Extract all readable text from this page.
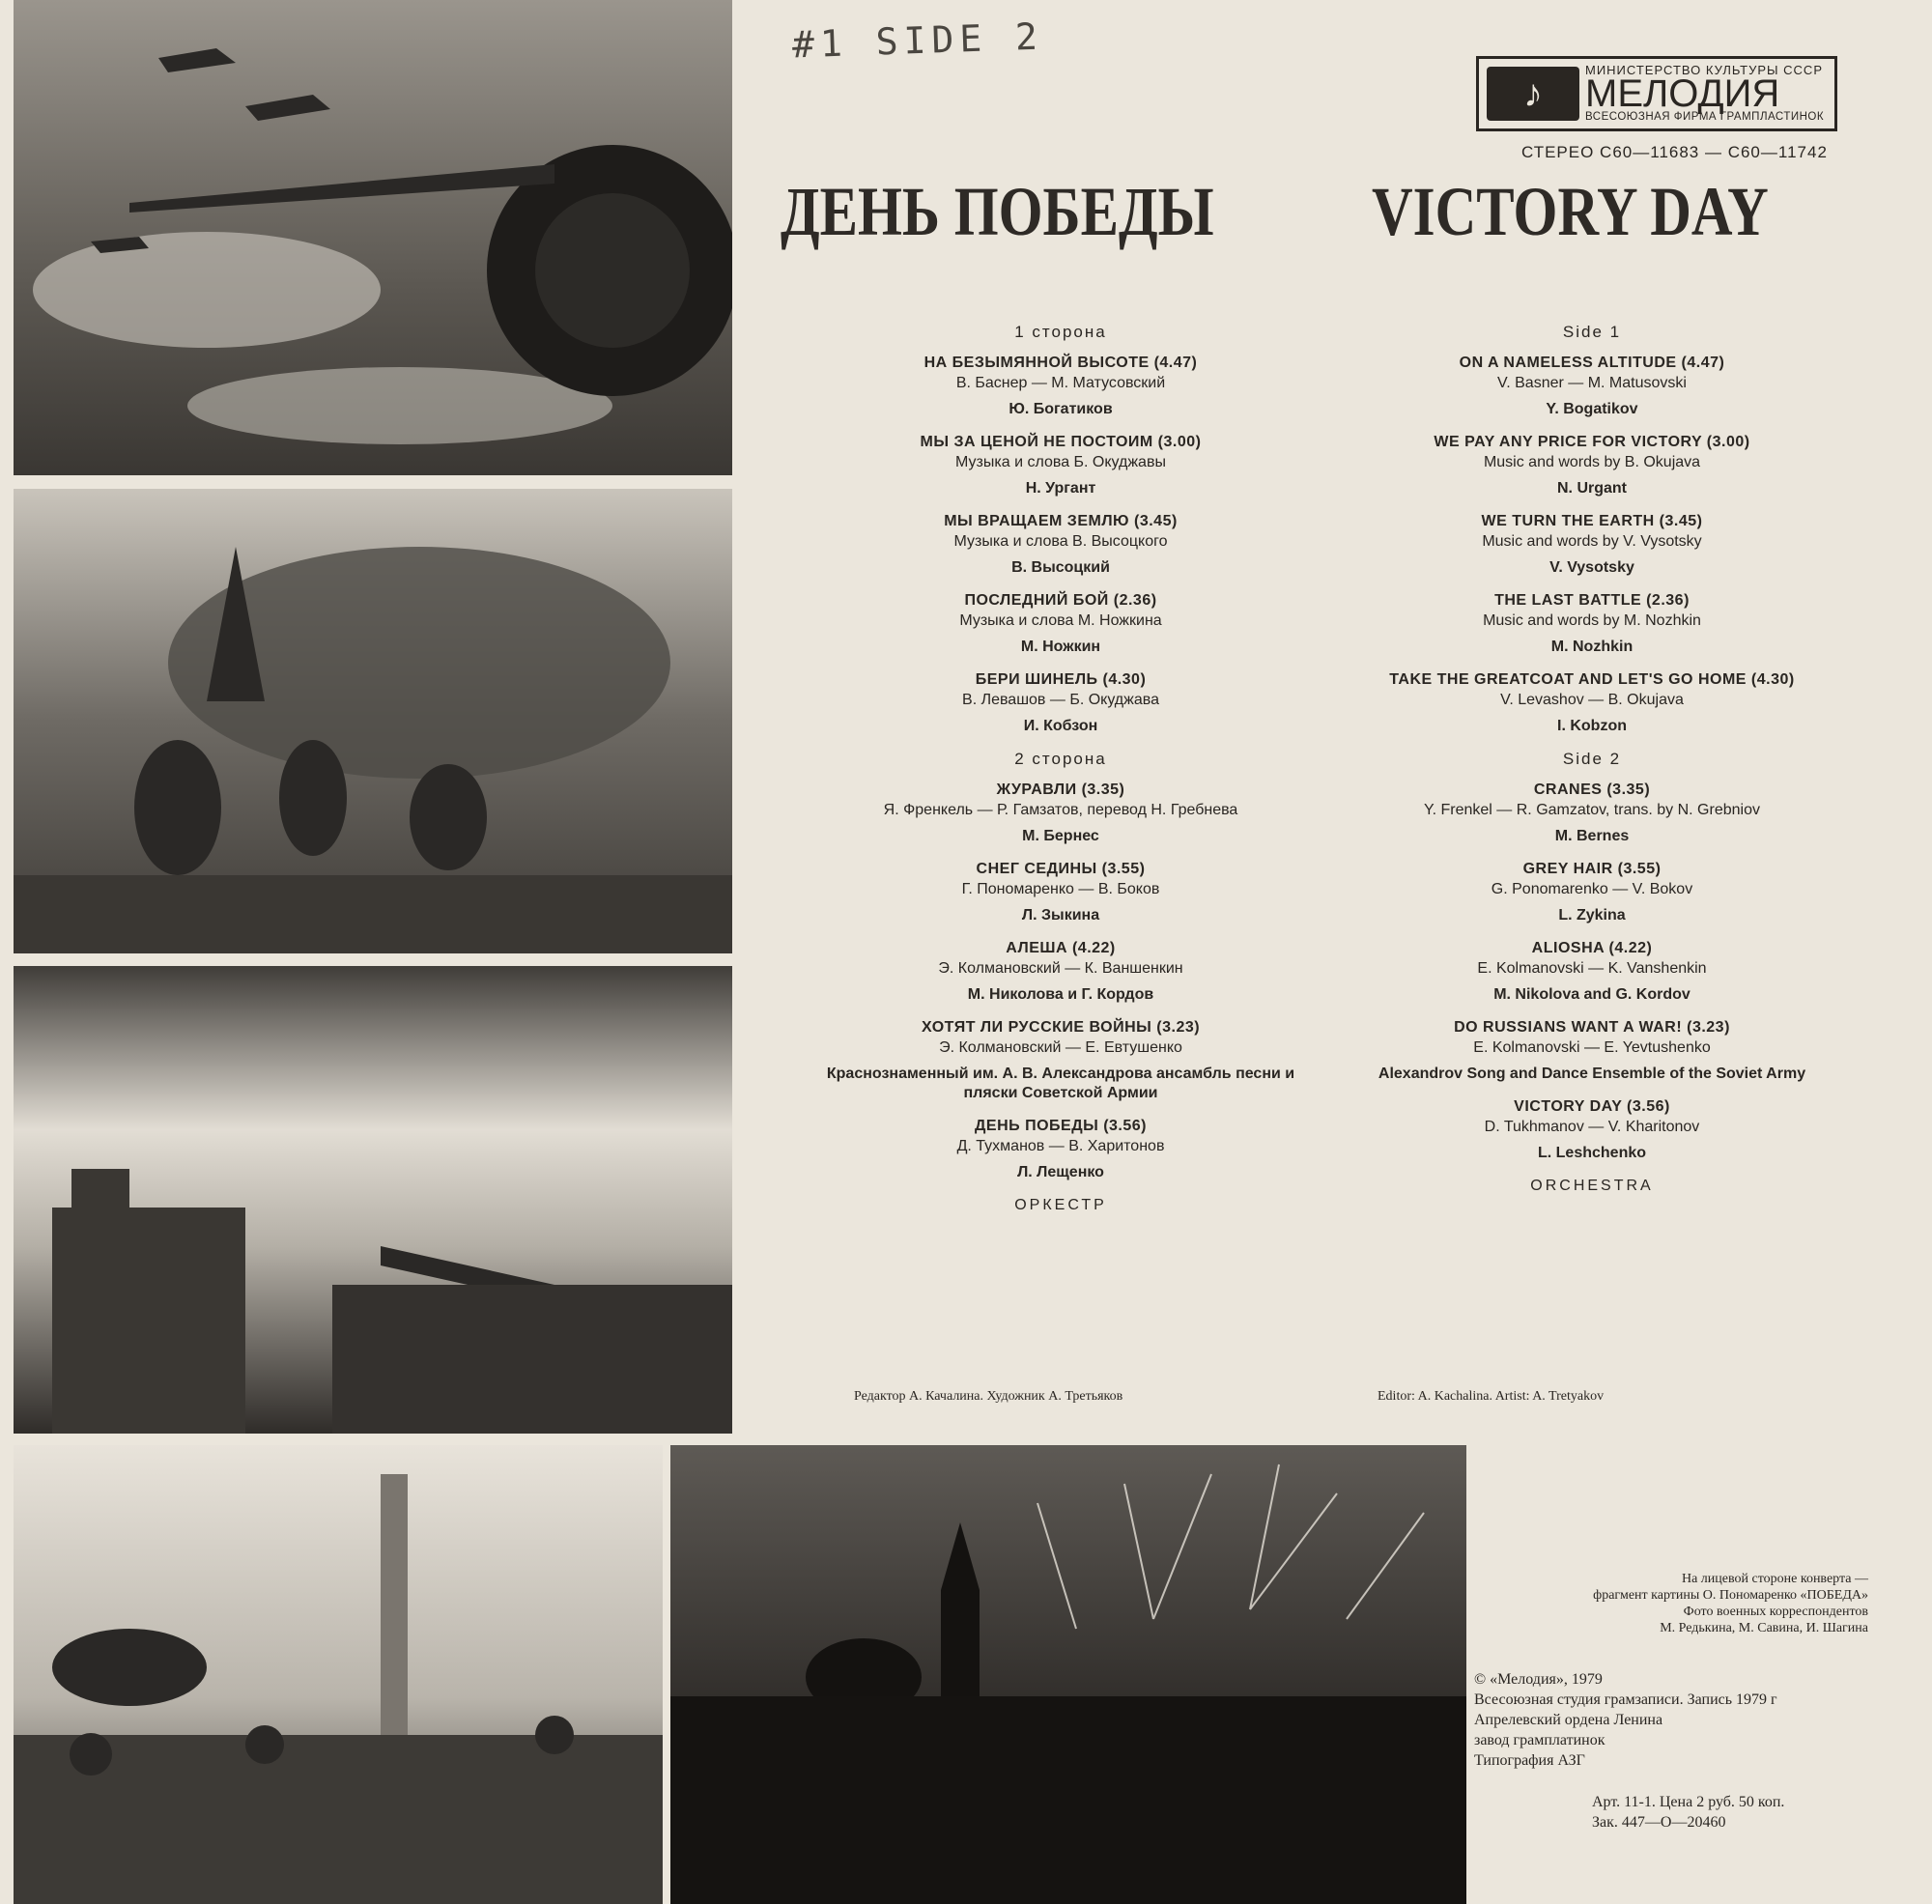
#1 SIDE 2
♪
МИНИСТЕРСТВО КУЛЬТУРЫ СССР
МЕЛОДИЯ
ВСЕСОЮЗНАЯ ФИРМА ГРАМПЛАСТИНОК
СТЕРЕО С60—11683 — С60—11742
ДЕНЬ ПОБЕДЫ VICTORY DAY
1 сторона
НА БЕЗЫМЯННОЙ ВЫСОТЕ (4.47)
В. Баснер — М. Матусовский
Ю. Богатиков
МЫ ЗА ЦЕНОЙ НЕ ПОСТОИМ (3.00)
Музыка и слова Б. Окуджавы
Н. Ургант
МЫ ВРАЩАЕМ ЗЕМЛЮ (3.45)
Музыка и слова В. Высоцкого
В. Высоцкий
ПОСЛЕДНИЙ БОЙ (2.36)
Музыка и слова М. Ножкина
М. Ножкин
БЕРИ ШИНЕЛЬ (4.30)
В. Левашов — Б. Окуджава
И. Кобзон
2 сторона
ЖУРАВЛИ (3.35)
Я. Френкель — Р. Гамзатов, перевод Н. Гребнева
М. Бернес
СНЕГ СЕДИНЫ (3.55)
Г. Пономаренко — В. Боков
Л. Зыкина
АЛЕША (4.22)
Э. Колмановский — К. Ваншенкин
М. Николова и Г. Кордов
ХОТЯТ ЛИ РУССКИЕ ВОЙНЫ (3.23)
Э. Колмановский — Е. Евтушенко
Краснознаменный им. А. В. Александрова ансамбль песни и пляски Советской Армии
ДЕНЬ ПОБЕДЫ (3.56)
Д. Тухманов — В. Харитонов
Л. Лещенко
ОРКЕСТР
Side 1
ON A NAMELESS ALTITUDE (4.47)
V. Basner — M. Matusovski
Y. Bogatikov
WE PAY ANY PRICE FOR VICTORY (3.00)
Music and words by B. Okujava
N. Urgant
WE TURN THE EARTH (3.45)
Music and words by V. Vysotsky
V. Vysotsky
THE LAST BATTLE (2.36)
Music and words by M. Nozhkin
M. Nozhkin
TAKE THE GREATCOAT AND LET'S GO HOME (4.30)
V. Levashov — B. Okujava
I. Kobzon
Side 2
CRANES (3.35)
Y. Frenkel — R. Gamzatov, trans. by N. Grebniov
M. Bernes
GREY HAIR (3.55)
G. Ponomarenko — V. Bokov
L. Zykina
ALIOSHA (4.22)
E. Kolmanovski — K. Vanshenkin
M. Nikolova and G. Kordov
DO RUSSIANS WANT A WAR! (3.23)
E. Kolmanovski — E. Yevtushenko
Alexandrov Song and Dance Ensemble of the Soviet Army
VICTORY DAY (3.56)
D. Tukhmanov — V. Kharitonov
L. Leshchenko
ORCHESTRA
Редактор А. Качалина. Художник А. Третьяков	Editor: A. Kachalina. Artist: A. Tretyakov
На лицевой стороне конверта —
фрагмент картины О. Пономаренко «ПОБЕДА»
Фото военных корреспондентов
М. Редькина, М. Савина, И. Шагина
© «Мелодия», 1979
Всесоюзная студия грамзаписи. Запись 1979 г
Апрелевский ордена Ленина
завод грамплатинок
Типография АЗГ
Арт. 11-1. Цена 2 руб. 50 коп.
Зак. 447—О—20460
